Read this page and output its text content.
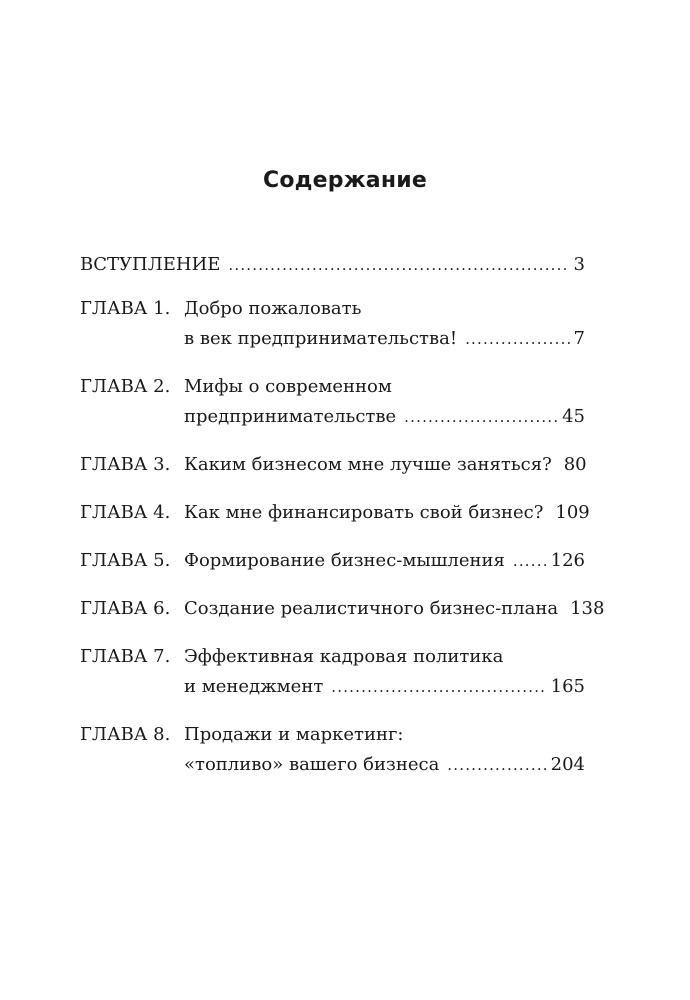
Содержание
ВСТУПЛЕНИЕ .....	3
ГЛАВА 1. Добро пожаловать
в век предпринимательства! .....	7
ГЛАВА 2. Мифы о современном
предпринимательстве .....	45
ГЛАВА 3. Каким бизнесом мне лучше заняться? 80
ГЛАВА 4. Как мне финансировать свой бизнес? 109
ГЛАВА 5. Формирование бизнес-мышления .....	126
ГЛАВА 6. Создание реалистичного бизнес-плана 138
ГЛАВА 7. Эффективная кадровая политика
и менеджмент .....	165
ГЛАВА 8. Продажи и маркетинг:
«топливо» вашего бизнеса .....	204
